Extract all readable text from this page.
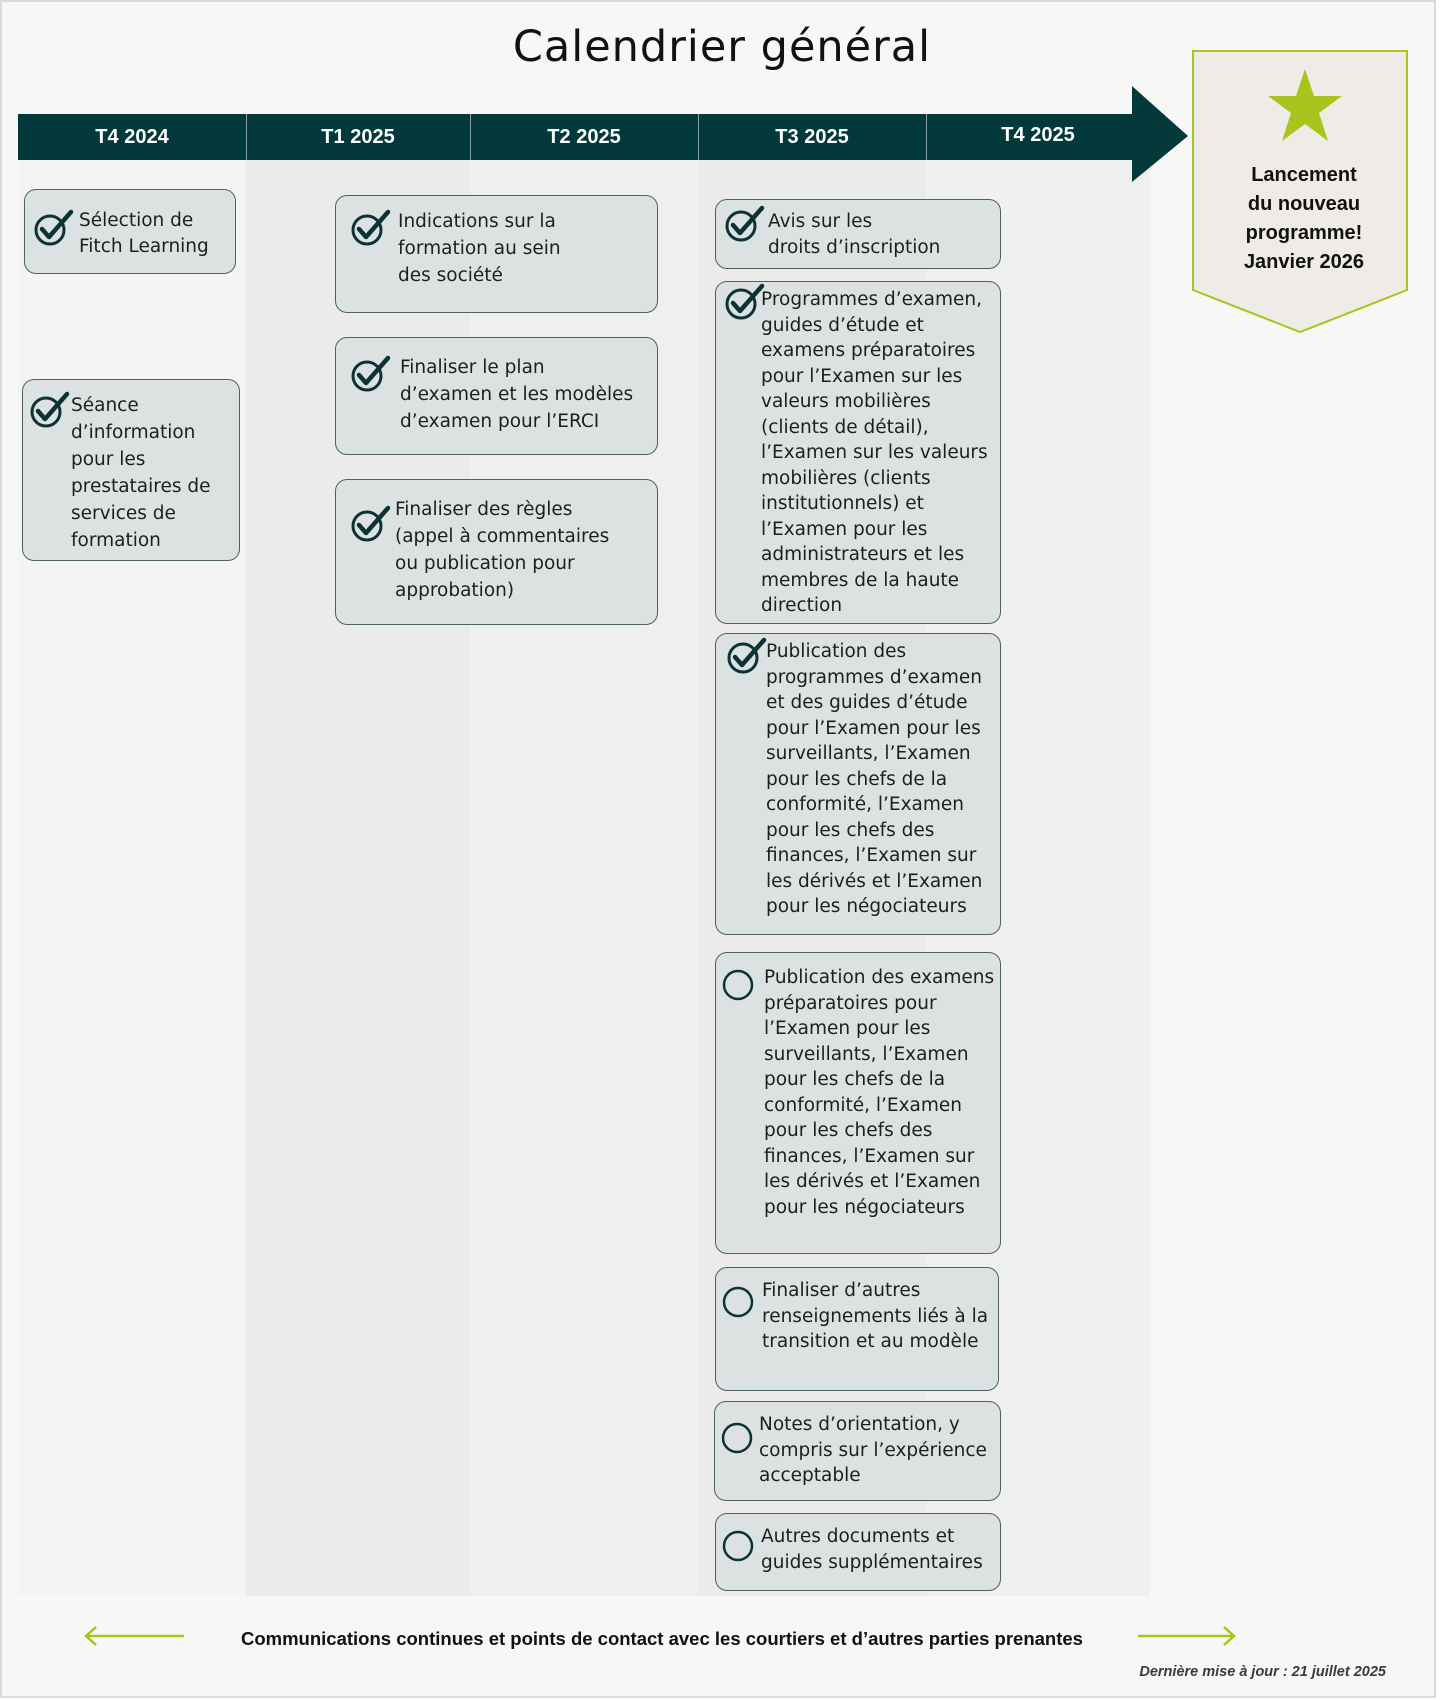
Calendrier général
T4 2024	T1 2025	T2 2025	T3 2025	T4 2025
Lancement
du nouveau
programme!
Janvier 2026
Sélection de
Fitch Learning
Séance
d’information
pour les
prestataires de
services de
formation
Indications sur la
formation au sein
des société
Finaliser le plan
d’examen et les modèles
d’examen pour l’ERCI
Finaliser des règles
(appel à commentaires
ou publication pour
approbation)
Avis sur les
droits d’inscription
Programmes d’examen,
guides d’étude et
examens préparatoires
pour l’Examen sur les
valeurs mobilières
(clients de détail),
l’Examen sur les valeurs
mobilières (clients
institutionnels) et
l’Examen pour les
administrateurs et les
membres de la haute
direction
Publication des
programmes d’examen
et des guides d’étude
pour l’Examen pour les
surveillants, l’Examen
pour les chefs de la
conformité, l’Examen
pour les chefs des
finances, l’Examen sur
les dérivés et l’Examen
pour les négociateurs
Publication des examens
préparatoires pour
l’Examen pour les
surveillants, l’Examen
pour les chefs de la
conformité, l’Examen
pour les chefs des
finances, l’Examen sur
les dérivés et l’Examen
pour les négociateurs
Finaliser d’autres
renseignements liés à la
transition et au modèle
Notes d’orientation, y
compris sur l’expérience
acceptable
Autres documents et
guides supplémentaires
Communications continues et points de contact avec les courtiers et d’autres parties prenantes
Dernière mise à jour : 21 juillet 2025
